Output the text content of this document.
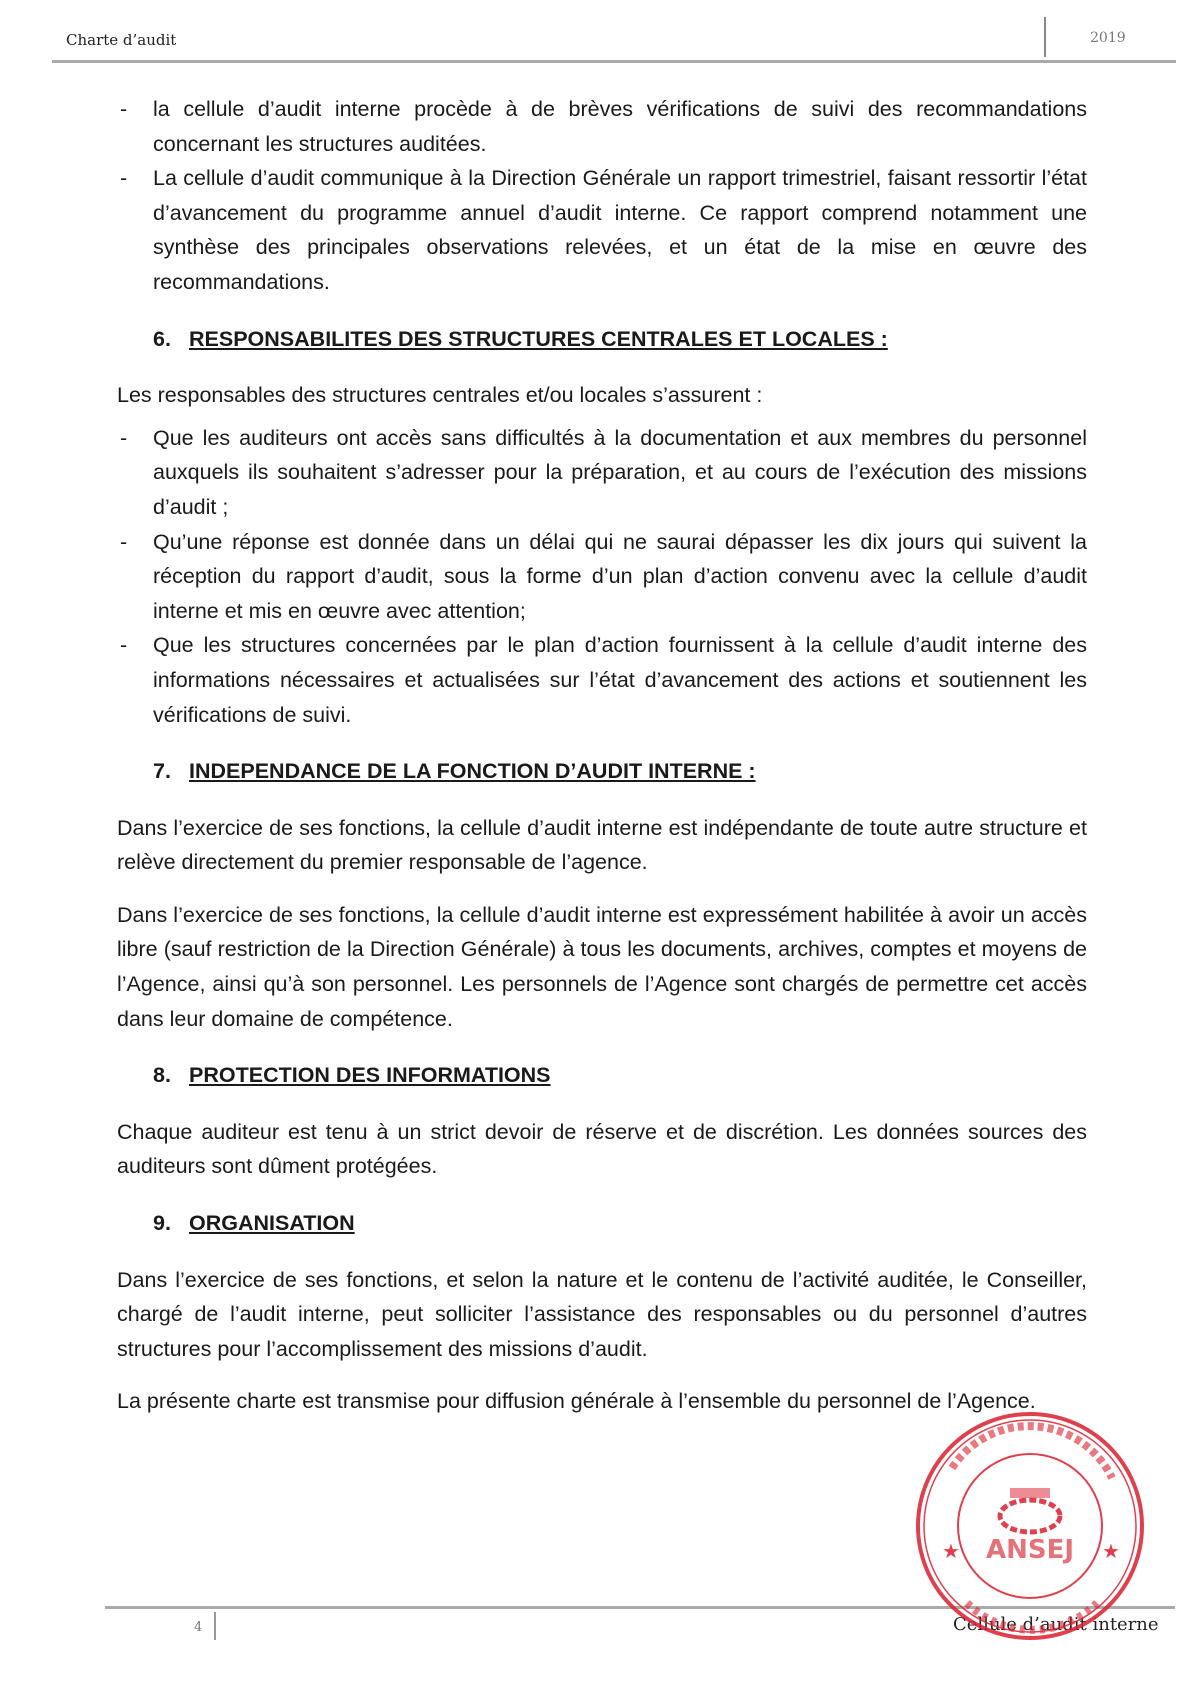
Charte d’audit	2019
- la cellule d’audit interne procède à de brèves vérifications de suivi des recommandations concernant les structures auditées.
- La cellule d’audit communique à la Direction Générale un rapport trimestriel, faisant ressortir l’état d’avancement du programme annuel d’audit interne. Ce rapport comprend notamment une synthèse des principales observations relevées, et un état de la mise en œuvre des recommandations.
6. RESPONSABILITES DES STRUCTURES CENTRALES ET LOCALES :

Les responsables des structures centrales et/ou locales s’assurent :

- Que les auditeurs ont accès sans difficultés à la documentation et aux membres du personnel auxquels ils souhaitent s’adresser pour la préparation, et au cours de l’exécution des missions d’audit ;
- Qu’une réponse est donnée dans un délai qui ne saurai dépasser les dix jours qui suivent la réception du rapport d’audit, sous la forme d’un plan d’action convenu avec la cellule d’audit interne et mis en œuvre avec attention;
- Que les structures concernées par le plan d’action fournissent à la cellule d’audit interne des informations nécessaires et actualisées sur l’état d’avancement des actions et soutiennent les vérifications de suivi.
7. INDEPENDANCE DE LA FONCTION D’AUDIT INTERNE :

Dans l’exercice de ses fonctions, la cellule d’audit interne est indépendante de toute autre structure et relève directement du premier responsable de l’agence.

Dans l’exercice de ses fonctions, la cellule d’audit interne est expressément habilitée à avoir un accès libre (sauf restriction de la Direction Générale) à tous les documents, archives, comptes et moyens de l’Agence, ainsi qu’à son personnel. Les personnels de l’Agence sont chargés de permettre cet accès dans leur domaine de compétence.

8. PROTECTION DES INFORMATIONS

Chaque auditeur est tenu à un strict devoir de réserve et de discrétion. Les données sources des auditeurs sont dûment protégées.

9. ORGANISATION

Dans l’exercice de ses fonctions, et selon la nature et le contenu de l’activité auditée, le Conseiller, chargé de l’audit interne, peut solliciter l’assistance des responsables ou du personnel d’autres structures pour l’accomplissement des missions d’audit.

La présente charte est transmise pour diffusion générale à l’ensemble du personnel de l’Agence.

4	Cellule d’audit interne
★	★
ANSEJ
